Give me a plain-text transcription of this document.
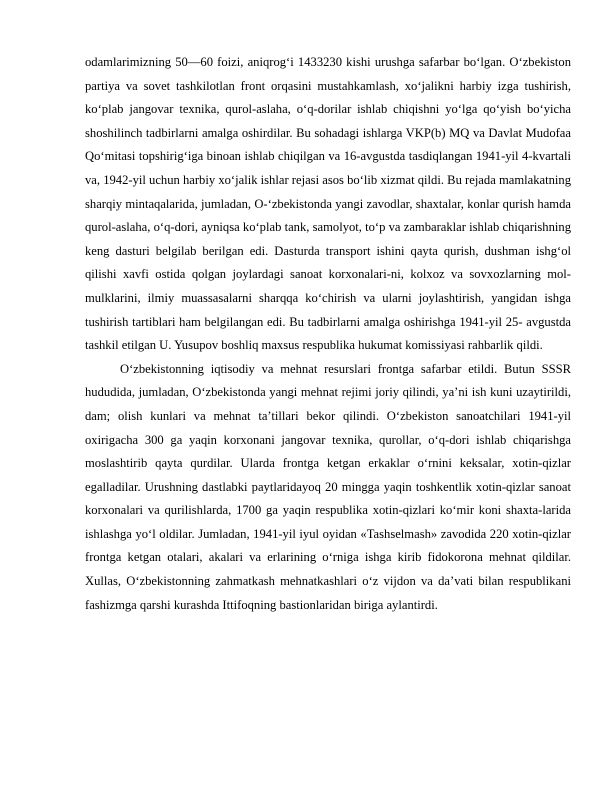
odamlarimizning 50—60 foizi, aniqrog‘i 1433230 kishi urushga safarbar bo‘lgan. O‘zbekiston partiya va sovet tashkilotlan front orqasini mustahkamlash, xo‘jalikni harbiy izga tushirish, ko‘plab jangovar texnika, qurol-aslaha, o‘q-dorilar ishlab chiqishni yo‘lga qo‘yish bo‘yicha shoshilinch tadbirlarni amalga oshirdilar. Bu sohadagi ishlarga VKP(b) MQ va Davlat Mudofaa Qo‘mitasi topshirig‘iga binoan ishlab chiqilgan va 16-avgustda tasdiqlangan 1941-yil 4-kvartali va, 1942-yil uchun harbiy xo‘jalik ishlar rejasi asos bo‘lib xizmat qildi. Bu rejada mamlakatning sharqiy mintaqalarida, jumladan, O-‘zbekistonda yangi zavodlar, shaxtalar, konlar qurish hamda qurol-aslaha, o‘q-dori, ayniqsa ko‘plab tank, samolyot, to‘p va zambaraklar ishlab chiqarishning keng dasturi belgilab berilgan edi. Dasturda transport ishini qayta qurish, dushman ishg‘ol qilishi xavfi ostida qolgan joylardagi sanoat korxonalari-ni, kolxoz va sovxozlarning mol-mulklarini, ilmiy muassasalarni sharqqa ko‘chirish va ularni joylashtirish, yangidan ishga tushirish tartiblari ham belgilangan edi. Bu tadbirlarni amalga oshirishga 1941-yil 25- avgustda tashkil etilgan U. Yusupov boshliq maxsus respublika hukumat komissiyasi rahbarlik qildi.

O‘zbekistonning iqtisodiy va mehnat resurslari frontga safarbar etildi. Butun SSSR hududida, jumladan, O‘zbekistonda yangi mehnat rejimi joriy qilindi, ya’ni ish kuni uzaytirildi, dam; olish kunlari va mehnat ta’tillari bekor qilindi. O‘zbekiston sanoatchilari 1941-yil oxirigacha 300 ga yaqin korxonani jangovar texnika, qurollar, o‘q-dori ishlab chiqarishga moslashtirib qayta qurdilar. Ularda frontga ketgan erkaklar o‘rnini keksalar, xotin-qizlar egalladilar. Urushning dastlabki paytlaridayoq 20 mingga yaqin toshkentlik xotin-qizlar sanoat korxonalari va qurilishlarda, 1700 ga yaqin respublika xotin-qizlari ko‘mir koni shaxta-larida ishlashga yo‘l oldilar. Jumladan, 1941-yil iyul oyidan «Tashselmash» zavodida 220 xotin-qizlar frontga ketgan otalari, akalari va erlarining o‘rniga ishga kirib fidokorona mehnat qildilar. Xullas, O‘zbekistonning zahmatkash mehnatkashlari o‘z vijdon va da’vati bilan respublikani fashizmga qarshi kurashda Ittifoqning bastionlaridan biriga aylantirdi.
